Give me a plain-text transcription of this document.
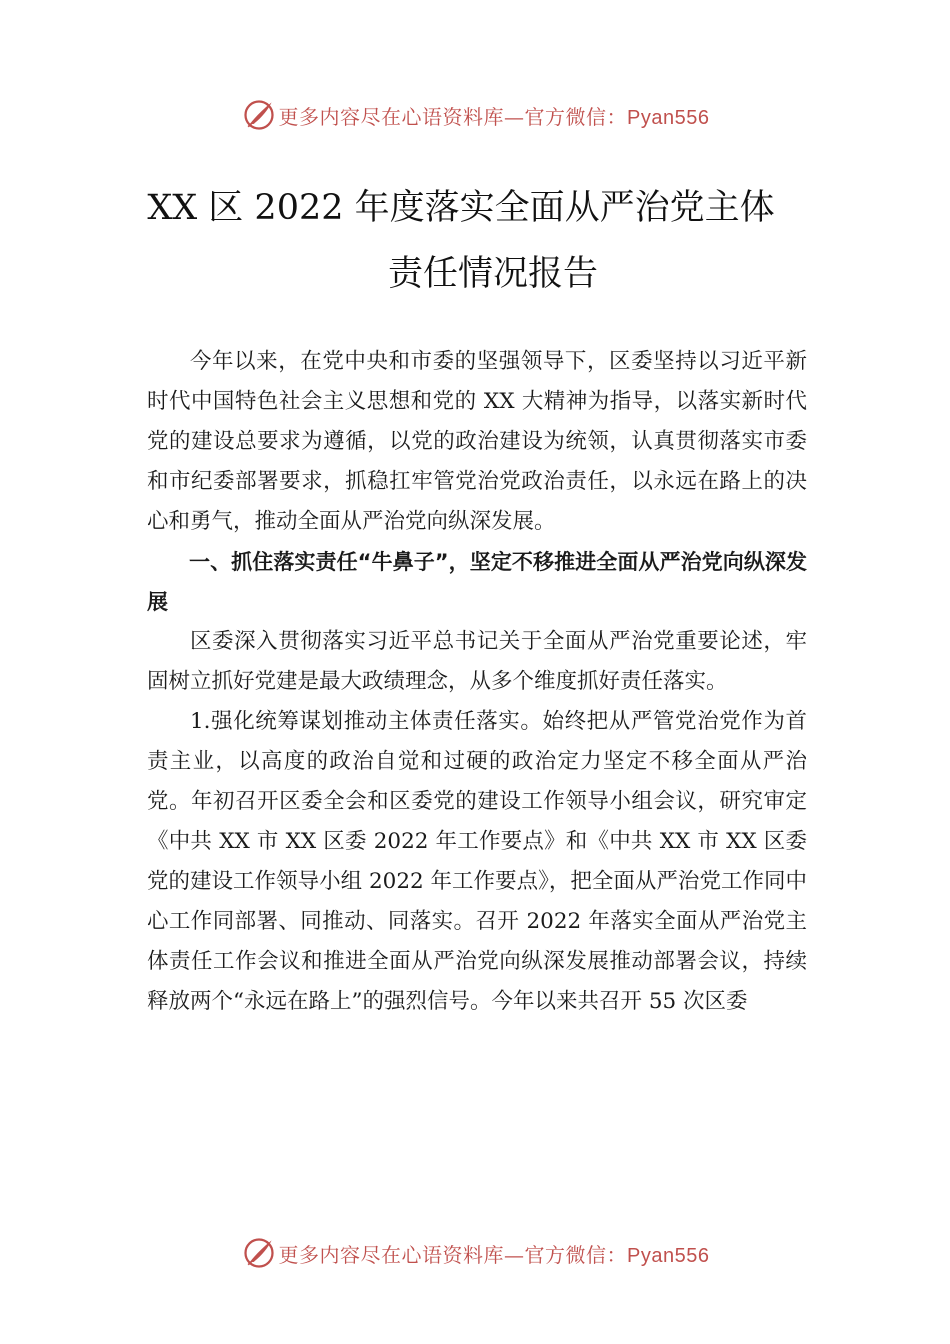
更多内容尽在心语资料库—官方微信：Pyan556
XX 区 2022 年度落实全面从严治党主体
责任情况报告

今年以来，在党中央和市委的坚强领导下，区委坚持以习近平新时代中国特色社会主义思想和党的 XX 大精神为指导，以落实新时代党的建设总要求为遵循，以党的政治建设为统领，认真贯彻落实市委和市纪委部署要求，抓稳扛牢管党治党政治责任，以永远在路上的决心和勇气，推动全面从严治党向纵深发展。

一、抓住落实责任“牛鼻子”，坚定不移推进全面从严治党向纵深发展

区委深入贯彻落实习近平总书记关于全面从严治党重要论述，牢固树立抓好党建是最大政绩理念，从多个维度抓好责任落实。

1.强化统筹谋划推动主体责任落实。始终把从严管党治党作为首责主业，以高度的政治自觉和过硬的政治定力坚定不移全面从严治党。年初召开区委全会和区委党的建设工作领导小组会议，研究审定《中共 XX 市 XX 区委 2022 年工作要点》和《中共 XX 市 XX 区委党的建设工作领导小组 2022 年工作要点》，把全面从严治党工作同中心工作同部署、同推动、同落实。召开 2022 年落实全面从严治党主体责任工作会议和推进全面从严治党向纵深发展推动部署会议，持续释放两个“永远在路上”的强烈信号。今年以来共召开 55 次区委

更多内容尽在心语资料库—官方微信：Pyan556
